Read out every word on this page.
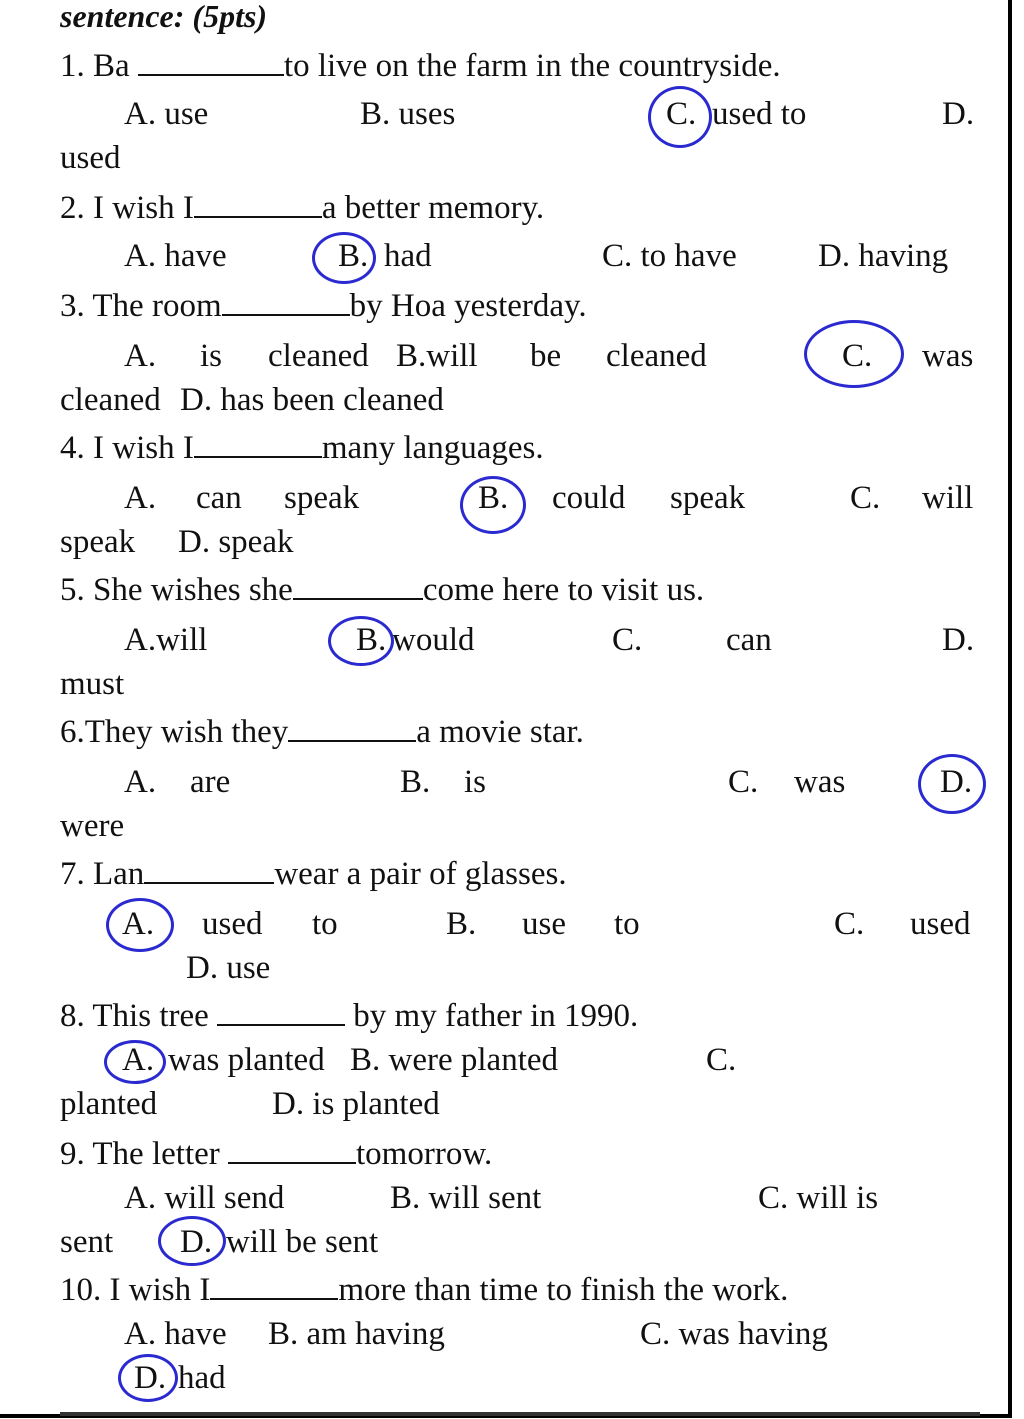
sentence: (5pts)
1. Ba	to live on the farm in the countryside.
A. use	B. uses	C. used to	D.
used
2. I wish I	a better memory.
A. have	B. had	C. to have D. having
3. The room	by Hoa yesterday.
A. is cleaned B.will be cleaned	C. was
cleaned D. has been cleaned
4. I wish I	many languages.
A. can speak	B. could speak	C. will
speak D. speak
5. She wishes she	come here to visit us.
A.will	B. would	C.	can	D.
must
6.They wish they	a movie star.
A. are	B. is	C. was	D.
were
7. Lan	wear a pair of glasses.
A. used to	B. use to	C. used
D. use
8. This tree	by my father in 1990.
A. was planted B. were planted	C.
planted	D. is planted
9. The letter	tomorrow.
A. will send	B. will sent	C. will is
sent D. will be sent
10. I wish I	more than time to finish the work.
A. have B. am having	C. was having
D. had
